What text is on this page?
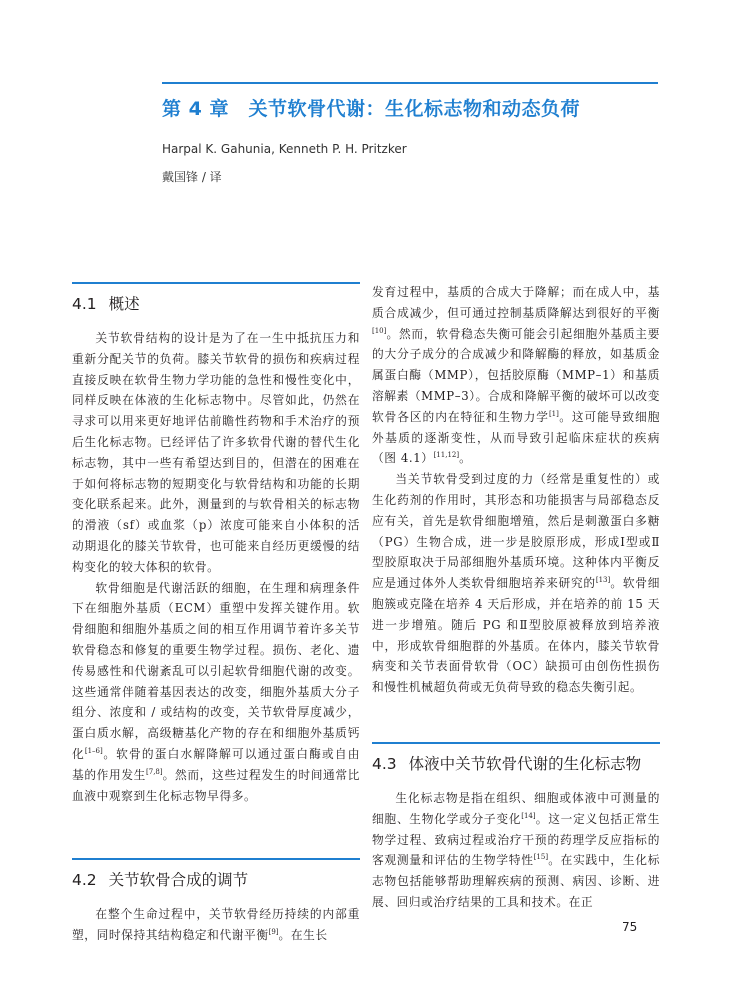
第 4 章　关节软骨代谢：生化标志物和动态负荷
Harpal K. Gahunia, Kenneth P. H. Pritzker
戴国锋 / 译
4.1 概述

关节软骨结构的设计是为了在一生中抵抗压力和重新分配关节的负荷。膝关节软骨的损伤和疾病过程直接反映在软骨生物力学功能的急性和慢性变化中，同样反映在体液的生化标志物中。尽管如此，仍然在寻求可以用来更好地评估前瞻性药物和手术治疗的预后生化标志物。已经评估了许多软骨代谢的替代生化标志物，其中一些有希望达到目的，但潜在的困难在于如何将标志物的短期变化与软骨结构和功能的长期变化联系起来。此外，测量到的与软骨相关的标志物的滑液（sf）或血浆（p）浓度可能来自小体积的活动期退化的膝关节软骨，也可能来自经历更缓慢的结构变化的较大体积的软骨。

软骨细胞是代谢活跃的细胞，在生理和病理条件下在细胞外基质（ECM）重塑中发挥关键作用。软骨细胞和细胞外基质之间的相互作用调节着许多关节软骨稳态和修复的重要生物学过程。损伤、老化、遗传易感性和代谢紊乱可以引起软骨细胞代谢的改变。这些通常伴随着基因表达的改变，细胞外基质大分子组分、浓度和 / 或结构的改变，关节软骨厚度减少，蛋白质水解，高级糖基化产物的存在和细胞外基质钙化[1–6]。软骨的蛋白水解降解可以通过蛋白酶或自由基的作用发生[7,8]。然而，这些过程发生的时间通常比血液中观察到生化标志物早得多。

4.2 关节软骨合成的调节

在整个生命过程中，关节软骨经历持续的内部重塑，同时保持其结构稳定和代谢平衡[9]。在生长

发育过程中，基质的合成大于降解；而在成人中，基质合成减少，但可通过控制基质降解达到很好的平衡[10]。然而，软骨稳态失衡可能会引起细胞外基质主要的大分子成分的合成减少和降解酶的释放，如基质金属蛋白酶（MMP），包括胶原酶（MMP–1）和基质溶解素（MMP–3）。合成和降解平衡的破坏可以改变软骨各区的内在特征和生物力学[1]。这可能导致细胞外基质的逐渐变性，从而导致引起临床症状的疾病（图 4.1）[11,12]。

当关节软骨受到过度的力（经常是重复性的）或生化药剂的作用时，其形态和功能损害与局部稳态反应有关，首先是软骨细胞增殖，然后是刺激蛋白多糖（PG）生物合成，进一步是胶原形成，形成Ⅰ型或Ⅱ型胶原取决于局部细胞外基质环境。这种体内平衡反应是通过体外人类软骨细胞培养来研究的[13]。软骨细胞簇或克隆在培养 4 天后形成，并在培养的前 15 天进一步增殖。随后 PG 和Ⅱ型胶原被释放到培养液中，形成软骨细胞群的外基质。在体内，膝关节软骨病变和关节表面骨软骨（OC）缺损可由创伤性损伤和慢性机械超负荷或无负荷导致的稳态失衡引起。

4.3 体液中关节软骨代谢的生化标志物

生化标志物是指在组织、细胞或体液中可测量的细胞、生物化学或分子变化[14]。这一定义包括正常生物学过程、致病过程或治疗干预的药理学反应指标的客观测量和评估的生物学特性[15]。在实践中，生化标志物包括能够帮助理解疾病的预测、病因、诊断、进展、回归或治疗结果的工具和技术。在正

75
